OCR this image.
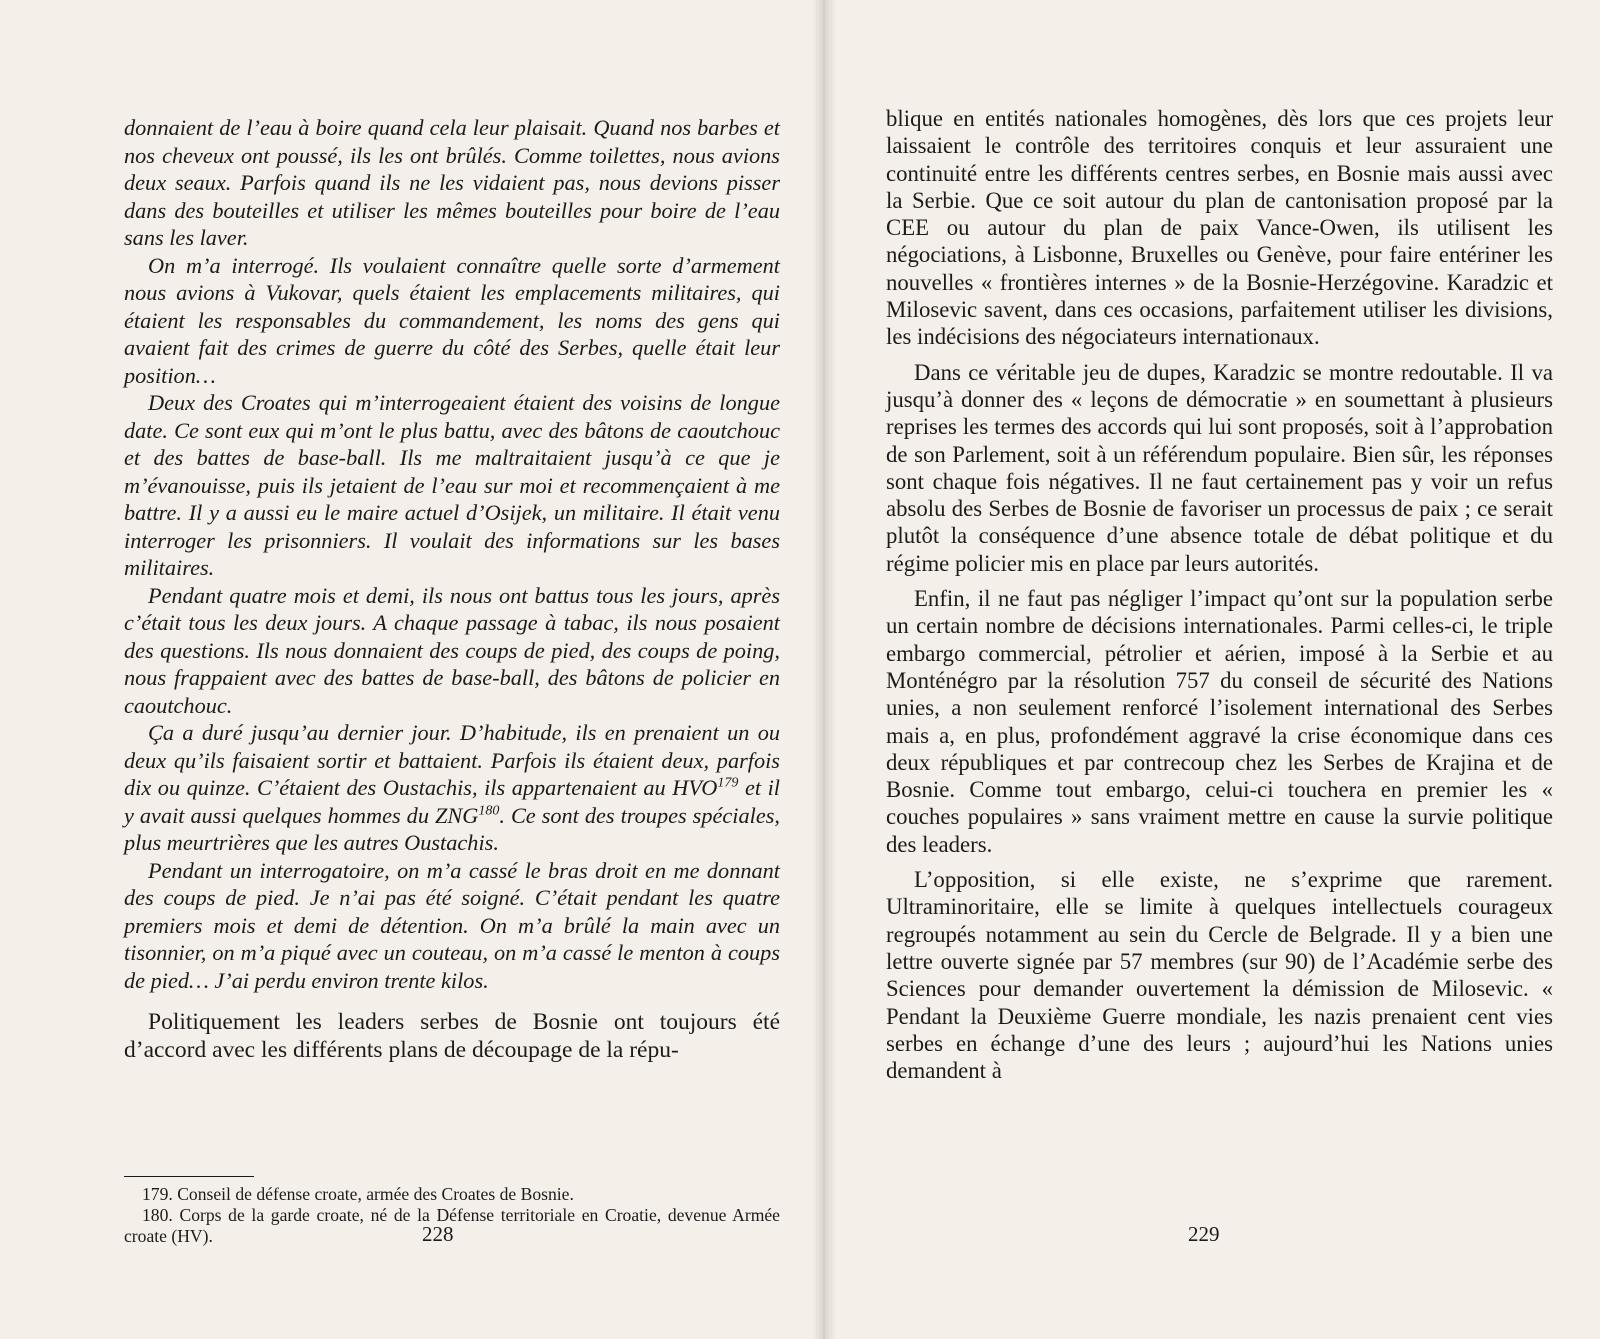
donnaient de l’eau à boire quand cela leur plaisait. Quand nos barbes et nos cheveux ont poussé, ils les ont brûlés. Comme toilettes, nous avions deux seaux. Parfois quand ils ne les vidaient pas, nous devions pisser dans des bouteilles et utiliser les mêmes bouteilles pour boire de l’eau sans les laver.

On m’a interrogé. Ils voulaient connaître quelle sorte d’armement nous avions à Vukovar, quels étaient les emplacements militaires, qui étaient les responsables du commandement, les noms des gens qui avaient fait des crimes de guerre du côté des Serbes, quelle était leur position…

Deux des Croates qui m’interrogeaient étaient des voisins de longue date. Ce sont eux qui m’ont le plus battu, avec des bâtons de caoutchouc et des battes de base-ball. Ils me maltraitaient jusqu’à ce que je m’évanouisse, puis ils jetaient de l’eau sur moi et recommençaient à me battre. Il y a aussi eu le maire actuel d’Osijek, un militaire. Il était venu interroger les prisonniers. Il voulait des informations sur les bases militaires.

Pendant quatre mois et demi, ils nous ont battus tous les jours, après c’était tous les deux jours. A chaque passage à tabac, ils nous posaient des questions. Ils nous donnaient des coups de pied, des coups de poing, nous frappaient avec des battes de base-ball, des bâtons de policier en caoutchouc.

Ça a duré jusqu’au dernier jour. D’habitude, ils en prenaient un ou deux qu’ils faisaient sortir et battaient. Parfois ils étaient deux, parfois dix ou quinze. C’étaient des Oustachis, ils appartenaient au HVO$^{179}$ et il y avait aussi quelques hommes du ZNG$^{180}$. Ce sont des troupes spéciales, plus meurtrières que les autres Oustachis.

Pendant un interrogatoire, on m’a cassé le bras droit en me donnant des coups de pied. Je n’ai pas été soigné. C’était pendant les quatre premiers mois et demi de détention. On m’a brûlé la main avec un tisonnier, on m’a piqué avec un couteau, on m’a cassé le menton à coups de pied… J’ai perdu environ trente kilos.

Politiquement les leaders serbes de Bosnie ont toujours été d’accord avec les différents plans de découpage de la répu-

179. Conseil de défense croate, armée des Croates de Bosnie.

180. Corps de la garde croate, né de la Défense territoriale en Croatie, devenue Armée croate (HV).	228

blique en entités nationales homogènes, dès lors que ces projets leur laissaient le contrôle des territoires conquis et leur assuraient une continuité entre les différents centres serbes, en Bosnie mais aussi avec la Serbie. Que ce soit autour du plan de cantonisation proposé par la CEE ou autour du plan de paix Vance-Owen, ils utilisent les négociations, à Lisbonne, Bruxelles ou Genève, pour faire entériner les nouvelles « frontières internes » de la Bosnie-Herzégovine. Karadzic et Milosevic savent, dans ces occasions, parfaitement utiliser les divisions, les indécisions des négociateurs internationaux.

Dans ce véritable jeu de dupes, Karadzic se montre redoutable. Il va jusqu’à donner des « leçons de démocratie » en soumettant à plusieurs reprises les termes des accords qui lui sont proposés, soit à l’approbation de son Parlement, soit à un référendum populaire. Bien sûr, les réponses sont chaque fois négatives. Il ne faut certainement pas y voir un refus absolu des Serbes de Bosnie de favoriser un processus de paix ; ce serait plutôt la conséquence d’une absence totale de débat politique et du régime policier mis en place par leurs autorités.

Enfin, il ne faut pas négliger l’impact qu’ont sur la population serbe un certain nombre de décisions internationales. Parmi celles-ci, le triple embargo commercial, pétrolier et aérien, imposé à la Serbie et au Monténégro par la résolution 757 du conseil de sécurité des Nations unies, a non seulement renforcé l’isolement international des Serbes mais a, en plus, profondément aggravé la crise économique dans ces deux républiques et par contrecoup chez les Serbes de Krajina et de Bosnie. Comme tout embargo, celui-ci touchera en premier les « couches populaires » sans vraiment mettre en cause la survie politique des leaders.

L’opposition, si elle existe, ne s’exprime que rarement. Ultraminoritaire, elle se limite à quelques intellectuels courageux regroupés notamment au sein du Cercle de Belgrade. Il y a bien une lettre ouverte signée par 57 membres (sur 90) de l’Académie serbe des Sciences pour demander ouvertement la démission de Milosevic. « Pendant la Deuxième Guerre mondiale, les nazis prenaient cent vies serbes en échange d’une des leurs ; aujourd’hui les Nations unies demandent à

229
